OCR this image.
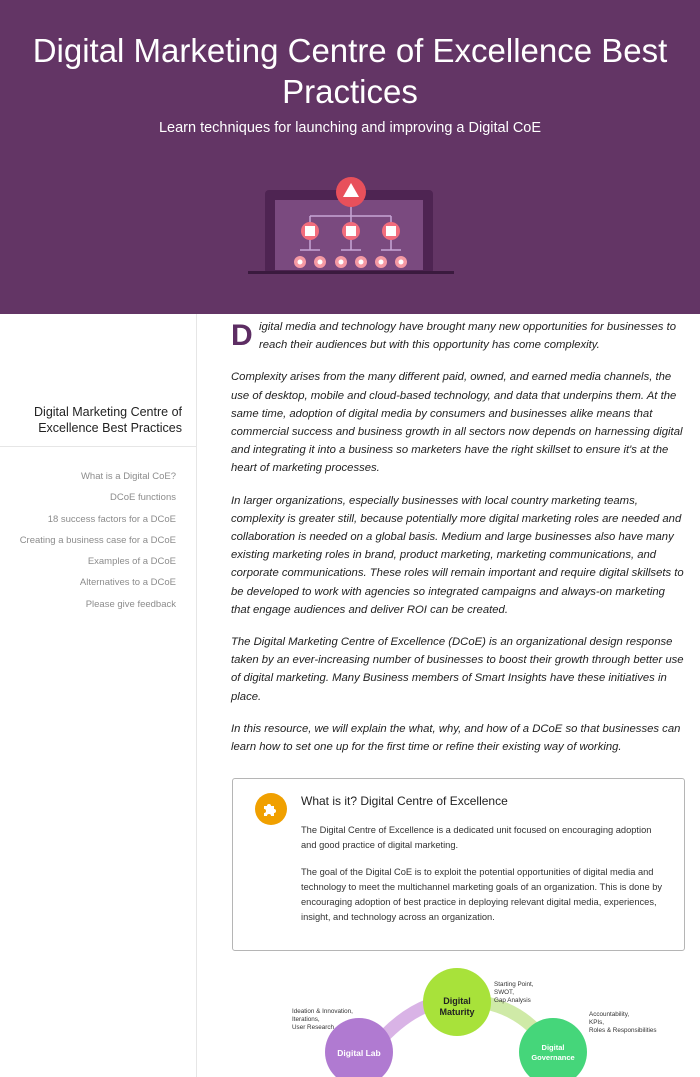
Digital Marketing Centre of Excellence Best Practices
Learn techniques for launching and improving a Digital CoE
Digital Marketing Centre of Excellence Best Practices
What is a Digital CoE?
DCoE functions
18 success factors for a DCoE
Creating a business case for a DCoE
Examples of a DCoE
Alternatives to a DCoE
Please give feedback

D igital media and technology have brought many new opportunities for businesses to reach their audiences but with this opportunity has come complexity.

Complexity arises from the many different paid, owned, and earned media channels, the use of desktop, mobile and cloud-based technology, and data that underpins them. At the same time, adoption of digital media by consumers and businesses alike means that commercial success and business growth in all sectors now depends on harnessing digital and integrating it into a business so marketers have the right skillset to ensure it's at the heart of marketing processes.

In larger organizations, especially businesses with local country marketing teams, complexity is greater still, because potentially more digital marketing roles are needed and collaboration is needed on a global basis. Medium and large businesses also have many existing marketing roles in brand, product marketing, marketing communications, and corporate communications. These roles will remain important and require digital skillsets to be developed to work with agencies so integrated campaigns and always-on marketing that engage audiences and deliver ROI can be created.

The Digital Marketing Centre of Excellence (DCoE) is an organizational design response taken by an ever-increasing number of businesses to boost their growth through better use of digital marketing. Many Business members of Smart Insights have these initiatives in place.

In this resource, we will explain the what, why, and how of a DCoE so that businesses can learn how to set one up for the first time or refine their existing way of working.

What is it? Digital Centre of Excellence
The Digital Centre of Excellence is a dedicated unit focused on encouraging adoption and good practice of digital marketing.
The goal of the Digital CoE is to exploit the potential opportunities of digital media and technology to meet the multichannel marketing goals of an organization. This is done by encouraging adoption of best practice in deploying relevant digital media, experiences, insight, and technology across an organization.
Digital
Maturity
Digital Lab
Digital
Governance
Starting Point,
SWOT,
Gap Analysis
Ideation & Innovation,
Iterations,
User Research
Accountability,
KPIs,
Roles & Responsibilities
